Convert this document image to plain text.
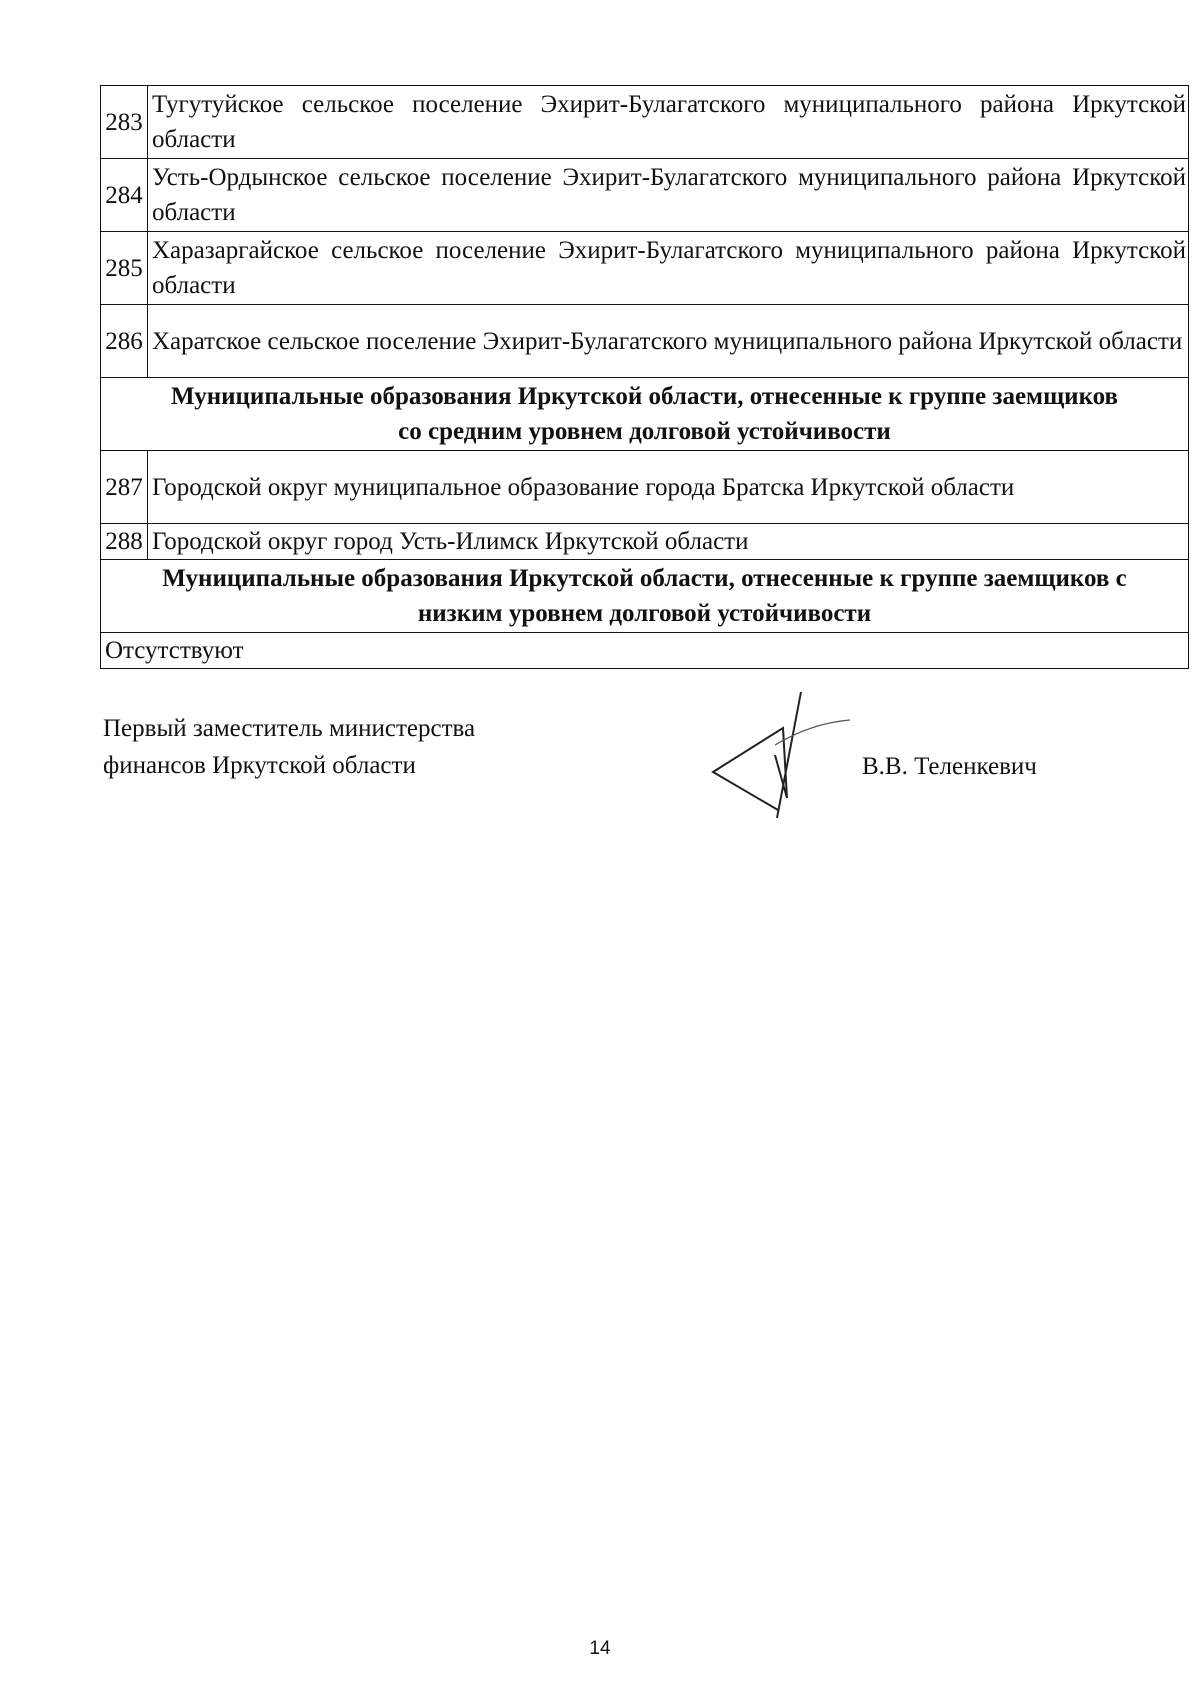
283	Тугутуйское сельское поселение Эхирит-Булагатского муниципального района Иркутской области
284	Усть-Ордынское сельское поселение Эхирит-Булагатского муниципального района Иркутской области
285	Харазаргайское сельское поселение Эхирит-Булагатского муниципального района Иркутской области
286	Харатское сельское поселение Эхирит-Булагатского муниципального района Иркутской области
Муниципальные образования Иркутской области, отнесенные к группе заемщиков со средним уровнем долговой устойчивости	
287	Городской округ муниципальное образование города Братска Иркутской области
288	Городской округ город Усть-Илимск Иркутской области
Муниципальные образования Иркутской области, отнесенные к группе заемщиков с низким уровнем долговой устойчивости	
Отсутствуют	
Первый заместитель министерства
финансов Иркутской области	В.В. Теленкевич
14
